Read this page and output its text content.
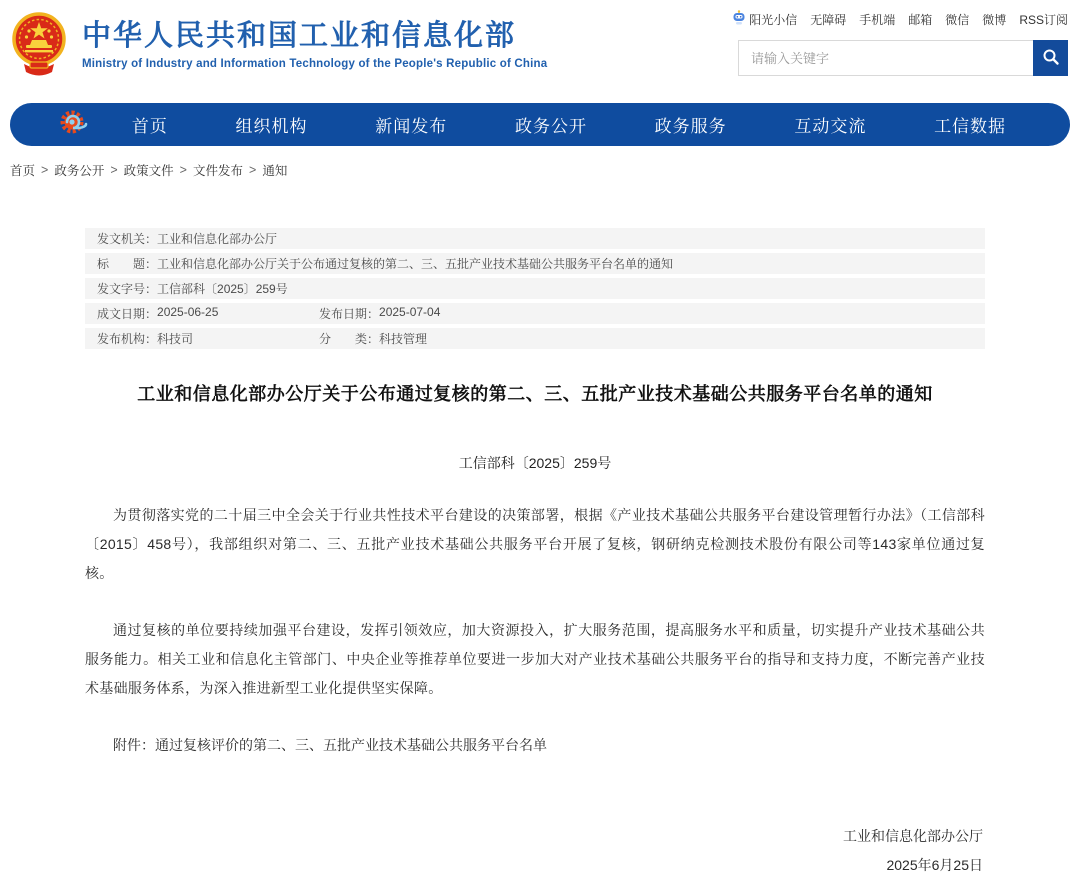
中华人民共和国工业和信息化部
Ministry of Industry and Information Technology of the People's Republic of China
阳光小信 无障碍 手机端 邮箱 微信 微博 RSS订阅
请输入关键字
首页	组织机构	新闻发布	政务公开	政务服务	互动交流	工信数据
首页 > 政务公开 > 政策文件 > 文件发布 > 通知
发文机关： 工业和信息化部办公厅
标　　题： 工业和信息化部办公厅关于公布通过复核的第二、三、五批产业技术基础公共服务平台名单的通知
发文字号： 工信部科〔2025〕259号
成文日期： 2025-06-25	发布日期： 2025-07-04
发布机构： 科技司	分　　类： 科技管理
工业和信息化部办公厅关于公布通过复核的第二、三、五批产业技术基础公共服务平台名单的通知
工信部科〔2025〕259号

为贯彻落实党的二十届三中全会关于行业共性技术平台建设的决策部署，根据《产业技术基础公共服务平台建设管理暂行办法》（工信部科〔2015〕458号），我部组织对第二、三、五批产业技术基础公共服务平台开展了复核，钢研纳克检测技术股份有限公司等143家单位通过复核。

通过复核的单位要持续加强平台建设，发挥引领效应，加大资源投入，扩大服务范围，提高服务水平和质量，切实提升产业技术基础公共服务能力。相关工业和信息化主管部门、中央企业等推荐单位要进一步加大对产业技术基础公共服务平台的指导和支持力度，不断完善产业技术基础服务体系，为深入推进新型工业化提供坚实保障。

附件：通过复核评价的第二、三、五批产业技术基础公共服务平台名单
工业和信息化部办公厅
2025年6月25日
